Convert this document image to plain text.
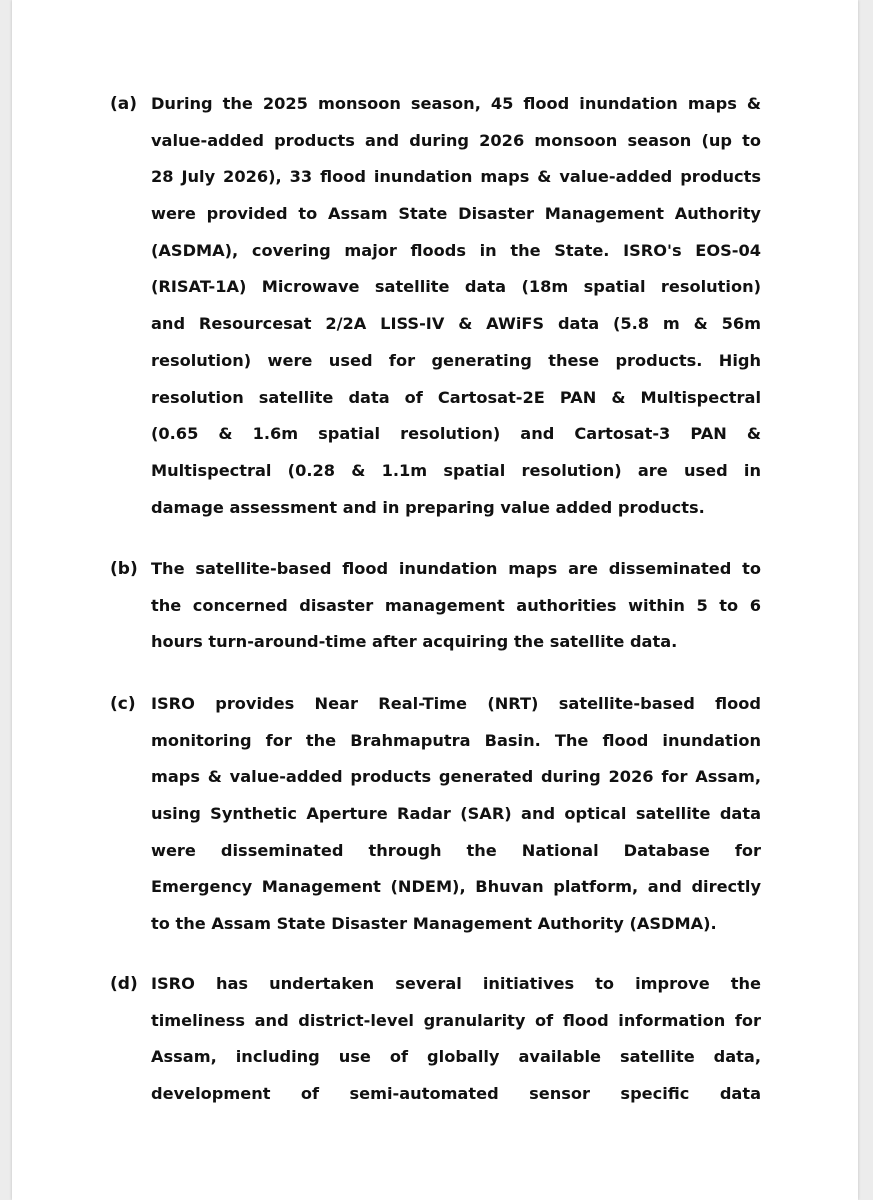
(a) During the 2025 monsoon season, 45 flood inundation maps &
value-added products and during 2026 monsoon season (up to
28 July 2026), 33 flood inundation maps & value-added products
were provided to Assam State Disaster Management Authority
(ASDMA), covering major floods in the State. ISRO's EOS-04
(RISAT-1A) Microwave satellite data (18m spatial resolution)
and Resourcesat 2/2A LISS-IV & AWiFS data (5.8 m & 56m
resolution) were used for generating these products. High
resolution satellite data of Cartosat-2E PAN & Multispectral
(0.65 & 1.6m spatial resolution) and Cartosat-3 PAN &
Multispectral (0.28 & 1.1m spatial resolution) are used in
damage assessment and in preparing value added products.
(b) The satellite-based flood inundation maps are disseminated to
the concerned disaster management authorities within 5 to 6
hours turn-around-time after acquiring the satellite data.
(c) ISRO provides Near Real-Time (NRT) satellite-based flood
monitoring for the Brahmaputra Basin. The flood inundation
maps & value-added products generated during 2026 for Assam,
using Synthetic Aperture Radar (SAR) and optical satellite data
were disseminated through the National Database for
Emergency Management (NDEM), Bhuvan platform, and directly
to the Assam State Disaster Management Authority (ASDMA).
(d) ISRO has undertaken several initiatives to improve the
timeliness and district-level granularity of flood information for
Assam, including use of globally available satellite data,
development of semi-automated sensor specific data
